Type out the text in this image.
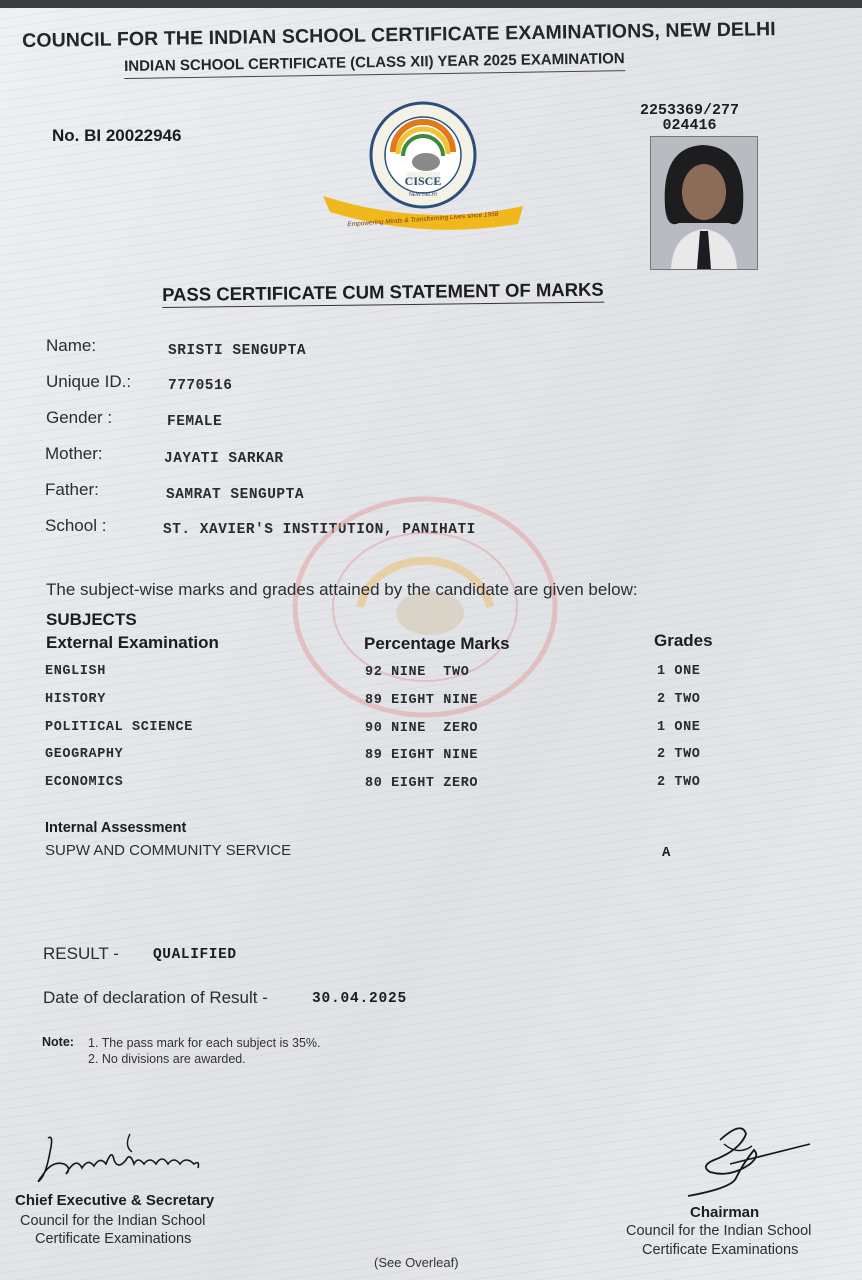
COUNCIL FOR THE INDIAN SCHOOL CERTIFICATE EXAMINATIONS, NEW DELHI
INDIAN SCHOOL CERTIFICATE (CLASS XII) YEAR 2025 EXAMINATION
No. BI 20022946
2253369/277
024416
CISCE
NEW DELHI
Empowering Minds & Transforming Lives since 1958
PASS CERTIFICATE CUM STATEMENT OF MARKS
Name:	SRISTI SENGUPTA
Unique ID.:	7770516
Gender :	FEMALE
Mother:	JAYATI SARKAR
Father:	SAMRAT SENGUPTA
School :	ST. XAVIER'S INSTITUTION, PANIHATI
The subject-wise marks and grades attained by the candidate are given below:
SUBJECTS
External Examination	Percentage Marks	Grades
ENGLISH	92 NINE  TWO	1 ONE
HISTORY	89 EIGHT NINE	2 TWO
POLITICAL SCIENCE	90 NINE  ZERO	1 ONE
GEOGRAPHY	89 EIGHT NINE	2 TWO
ECONOMICS	80 EIGHT ZERO	2 TWO
Internal Assessment
SUPW AND COMMUNITY SERVICE	A
RESULT - QUALIFIED
Date of declaration of Result -	30.04.2025
Note: 1. The pass mark for each subject is 35%.
2. No divisions are awarded.
Chief Executive & Secretary
Council for the Indian School
Certificate Examinations
Chairman
Council for the Indian School
Certificate Examinations
(See Overleaf)
